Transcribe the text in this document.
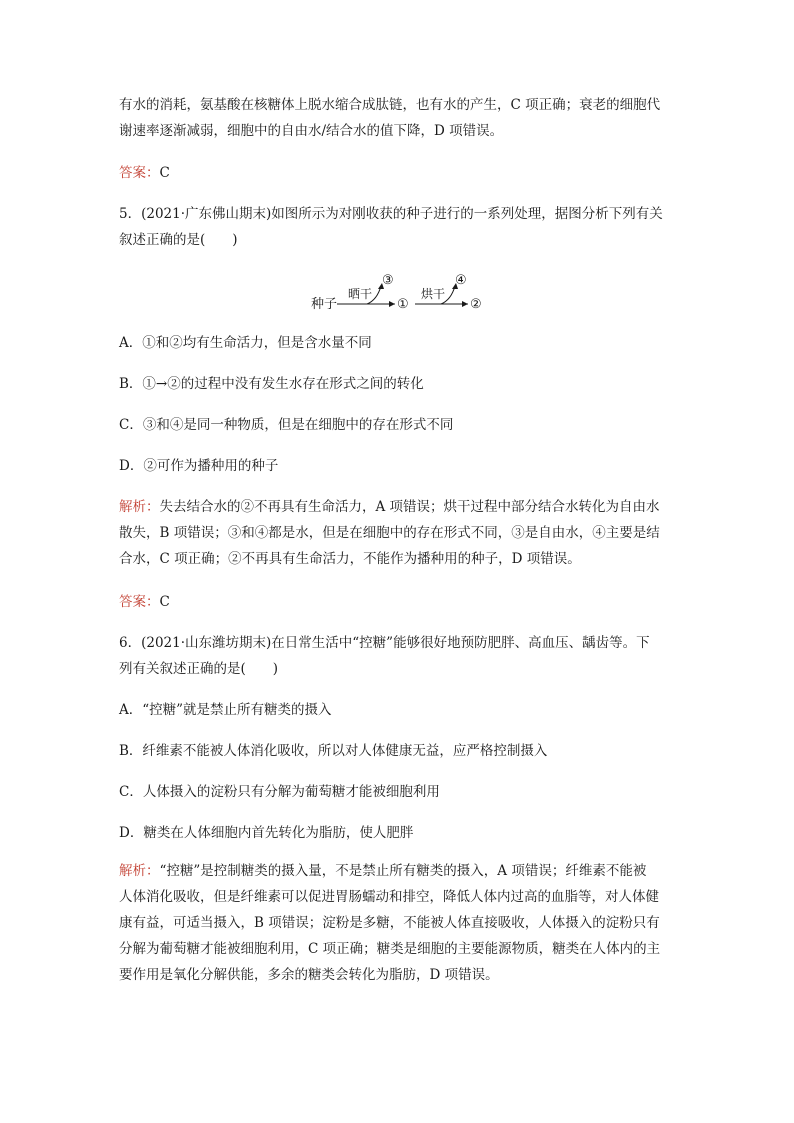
有水的消耗，氨基酸在核糖体上脱水缩合成肽链，也有水的产生，C 项正确；衰老的细胞代
谢速率逐渐减弱，细胞中的自由水/结合水的值下降，D 项错误。

答案：C

5．(2021·广东佛山期末)如图所示为对刚收获的种子进行的一系列处理，据图分析下列有关
叙述正确的是(　　)

种子
晒干
③
①
烘干
④
②

A．①和②均有生命活力，但是含水量不同

B．①→②的过程中没有发生水存在形式之间的转化

C．③和④是同一种物质，但是在细胞中的存在形式不同

D．②可作为播种用的种子

解析：失去结合水的②不再具有生命活力，A 项错误；烘干过程中部分结合水转化为自由水
散失，B 项错误；③和④都是水，但是在细胞中的存在形式不同，③是自由水，④主要是结
合水，C 项正确；②不再具有生命活力，不能作为播种用的种子，D 项错误。

答案：C

6．(2021·山东潍坊期末)在日常生活中“控糖”能够很好地预防肥胖、高血压、龋齿等。下
列有关叙述正确的是(　　)

A．“控糖”就是禁止所有糖类的摄入

B．纤维素不能被人体消化吸收，所以对人体健康无益，应严格控制摄入

C．人体摄入的淀粉只有分解为葡萄糖才能被细胞利用

D．糖类在人体细胞内首先转化为脂肪，使人肥胖

解析：“控糖”是控制糖类的摄入量，不是禁止所有糖类的摄入，A 项错误；纤维素不能被
人体消化吸收，但是纤维素可以促进胃肠蠕动和排空，降低人体内过高的血脂等，对人体健
康有益，可适当摄入，B 项错误；淀粉是多糖，不能被人体直接吸收，人体摄入的淀粉只有
分解为葡萄糖才能被细胞利用，C 项正确；糖类是细胞的主要能源物质，糖类在人体内的主
要作用是氧化分解供能，多余的糖类会转化为脂肪，D 项错误。
